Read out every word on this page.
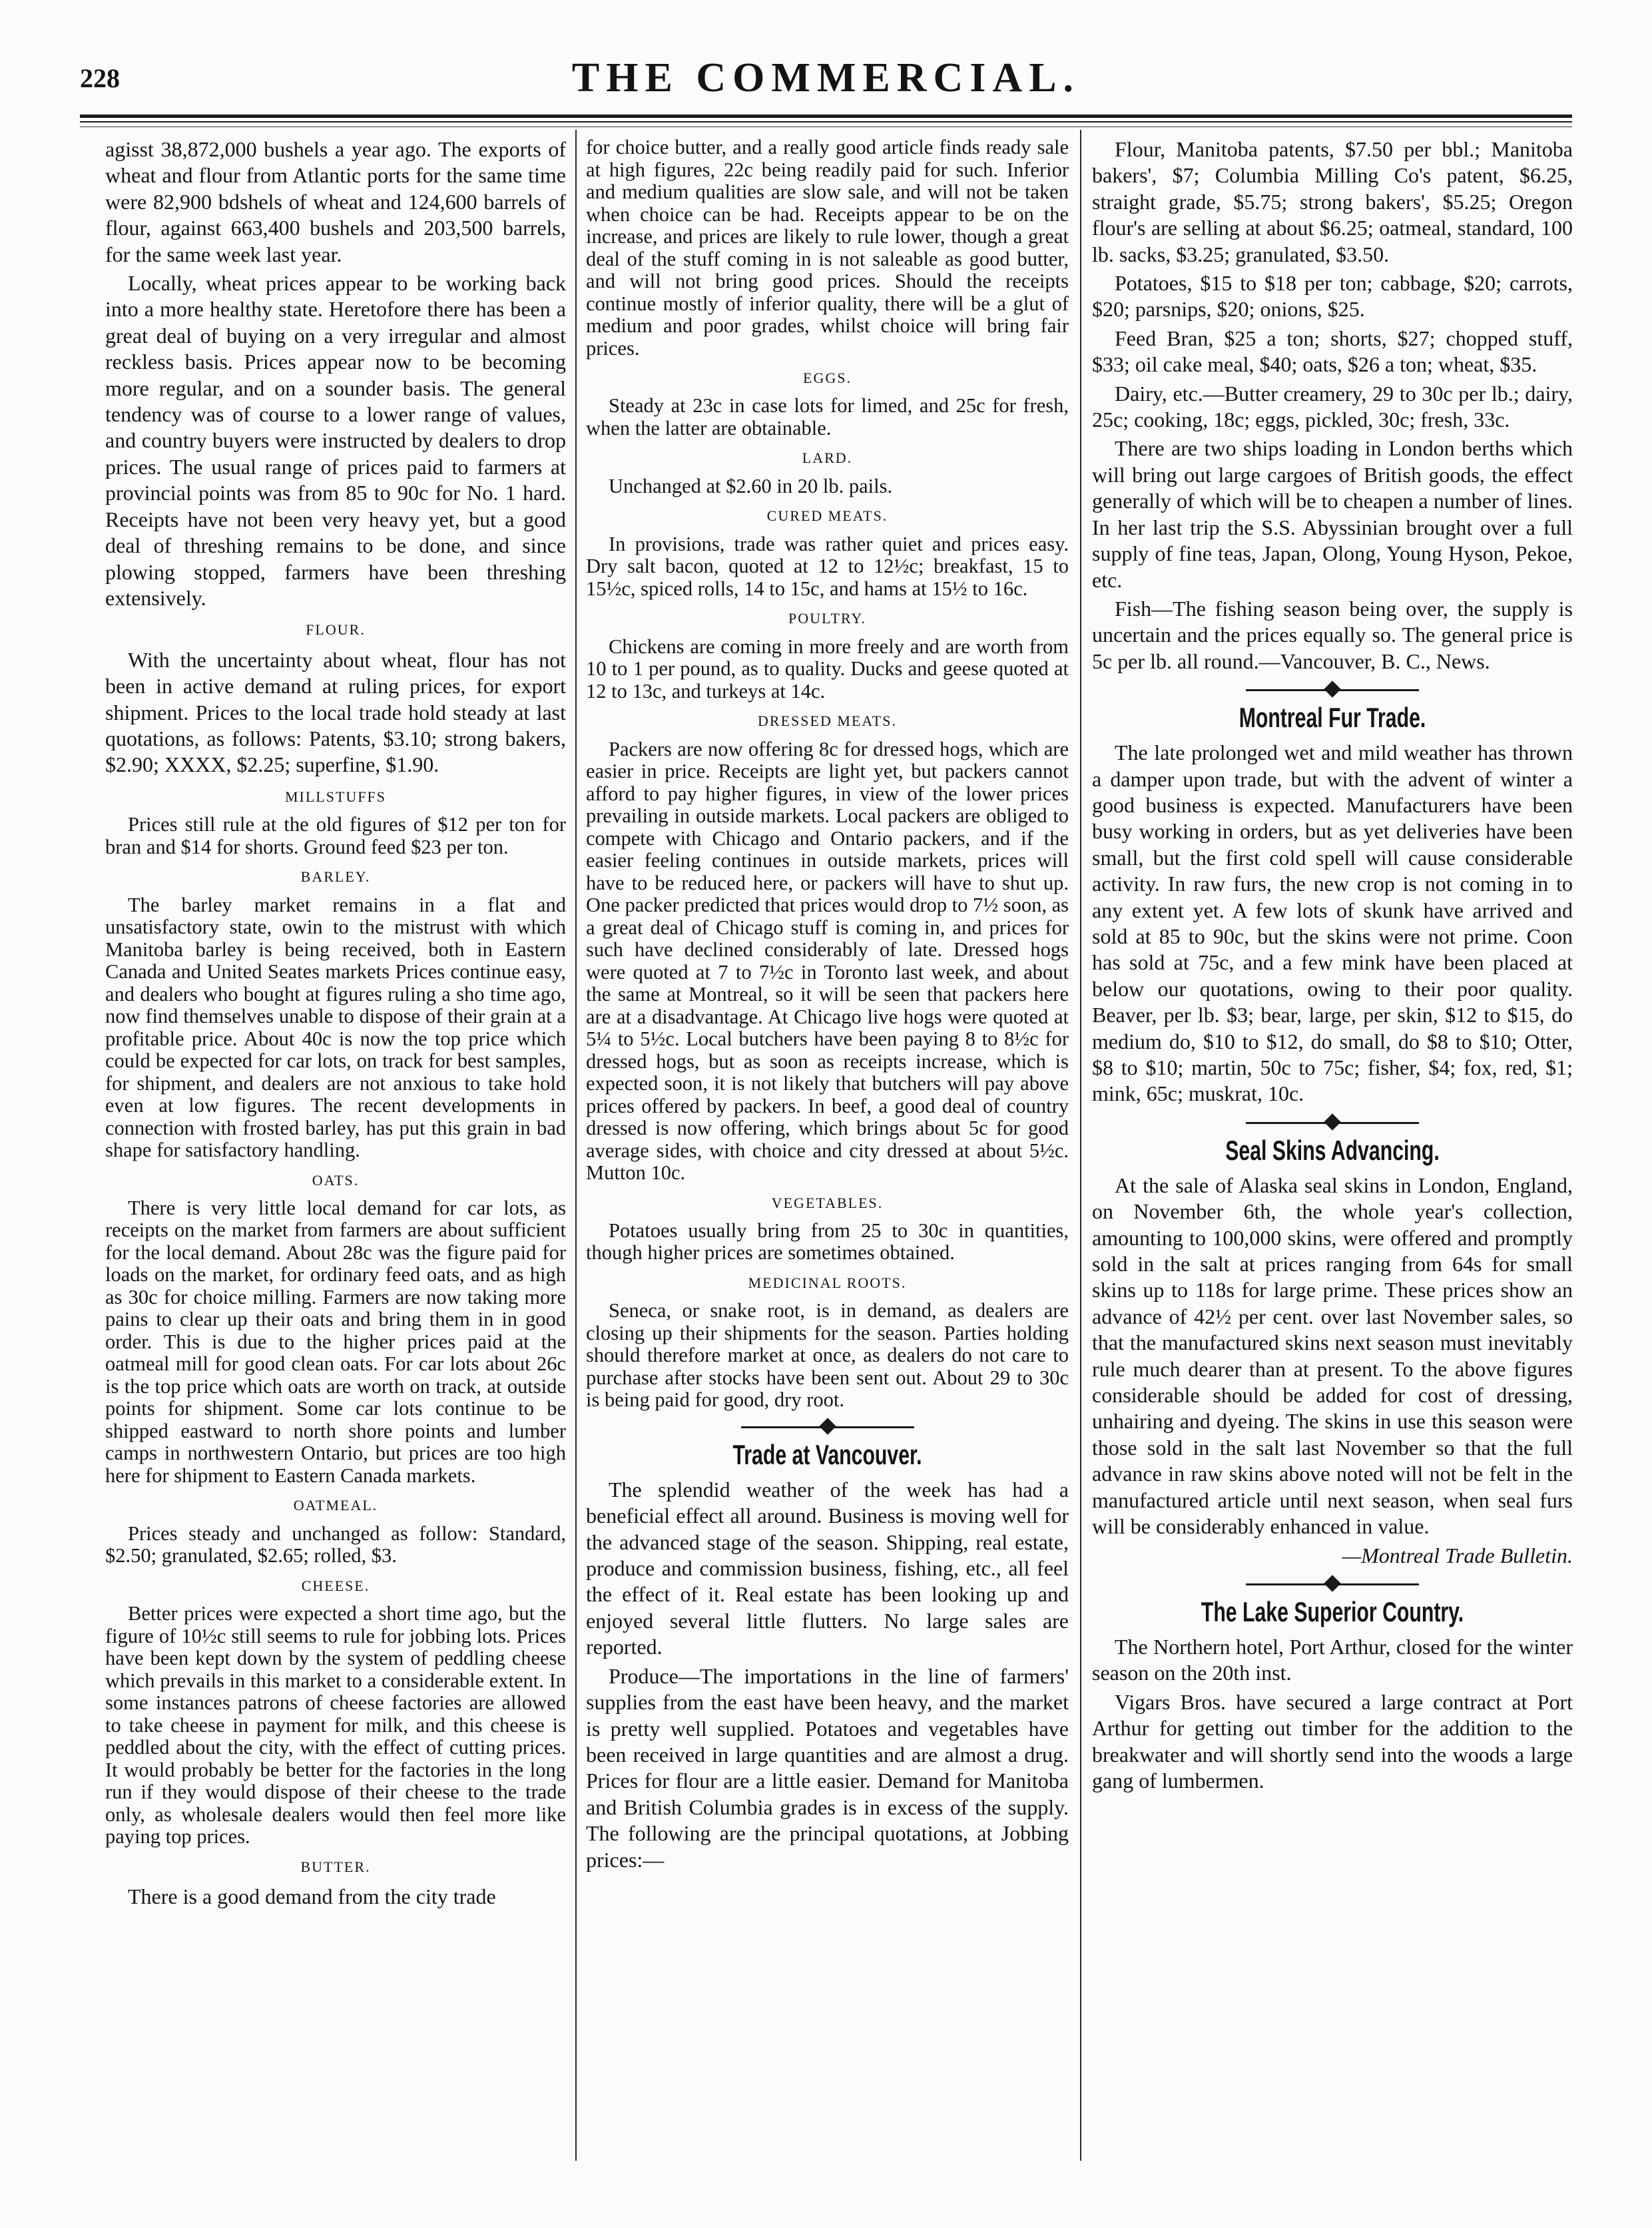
228	THE COMMERCIAL.

agisst 38,872,000 bushels a year ago. The exports of wheat and flour from Atlantic ports for the same time were 82,900 bdshels of wheat and 124,600 barrels of flour, against 663,400 bushels and 203,500 barrels, for the same week last year.

Locally, wheat prices appear to be working back into a more healthy state. Heretofore there has been a great deal of buying on a very irregular and almost reckless basis. Prices appear now to be becoming more regular, and on a sounder basis. The general tendency was of course to a lower range of values, and country buyers were instructed by dealers to drop prices. The usual range of prices paid to farmers at provincial points was from 85 to 90c for No. 1 hard. Receipts have not been very heavy yet, but a good deal of threshing remains to be done, and since plowing stopped, farmers have been threshing extensively.

FLOUR.

With the uncertainty about wheat, flour has not been in active demand at ruling prices, for export shipment. Prices to the local trade hold steady at last quotations, as follows: Patents, $3.10; strong bakers, $2.90; XXXX, $2.25; superfine, $1.90.

MILLSTUFFS

Prices still rule at the old figures of $12 per ton for bran and $14 for shorts. Ground feed $23 per ton.

BARLEY.

The barley market remains in a flat and unsatisfactory state, owin to the mistrust with which Manitoba barley is being received, both in Eastern Canada and United Seates markets Prices continue easy, and dealers who bought at figures ruling a sho time ago, now find themselves unable to dispose of their grain at a profitable price. About 40c is now the top price which could be expected for car lots, on track for best samples, for shipment, and dealers are not anxious to take hold even at low figures. The recent developments in connection with frosted barley, has put this grain in bad shape for satisfactory handling.

OATS.

There is very little local demand for car lots, as receipts on the market from farmers are about sufficient for the local demand. About 28c was the figure paid for loads on the market, for ordinary feed oats, and as high as 30c for choice milling. Farmers are now taking more pains to clear up their oats and bring them in in good order. This is due to the higher prices paid at the oatmeal mill for good clean oats. For car lots about 26c is the top price which oats are worth on track, at outside points for shipment. Some car lots continue to be shipped eastward to north shore points and lumber camps in northwestern Ontario, but prices are too high here for shipment to Eastern Canada markets.

OATMEAL.

Prices steady and unchanged as follow: Standard, $2.50; granulated, $2.65; rolled, $3.

CHEESE.

Better prices were expected a short time ago, but the figure of 10½c still seems to rule for jobbing lots. Prices have been kept down by the system of peddling cheese which prevails in this market to a considerable extent. In some instances patrons of cheese factories are allowed to take cheese in payment for milk, and this cheese is peddled about the city, with the effect of cutting prices. It would probably be better for the factories in the long run if they would dispose of their cheese to the trade only, as wholesale dealers would then feel more like paying top prices.

BUTTER.

There is a good demand from the city trade

for choice butter, and a really good article finds ready sale at high figures, 22c being readily paid for such. Inferior and medium qualities are slow sale, and will not be taken when choice can be had. Receipts appear to be on the increase, and prices are likely to rule lower, though a great deal of the stuff coming in is not saleable as good butter, and will not bring good prices. Should the receipts continue mostly of inferior quality, there will be a glut of medium and poor grades, whilst choice will bring fair prices.

EGGS.

Steady at 23c in case lots for limed, and 25c for fresh, when the latter are obtainable.

LARD.

Unchanged at $2.60 in 20 lb. pails.

CURED MEATS.

In provisions, trade was rather quiet and prices easy. Dry salt bacon, quoted at 12 to 12½c; breakfast, 15 to 15½c, spiced rolls, 14 to 15c, and hams at 15½ to 16c.

POULTRY.

Chickens are coming in more freely and are worth from 10 to 1 per pound, as to quality. Ducks and geese quoted at 12 to 13c, and turkeys at 14c.

DRESSED MEATS.

Packers are now offering 8c for dressed hogs, which are easier in price. Receipts are light yet, but packers cannot afford to pay higher figures, in view of the lower prices prevailing in outside markets. Local packers are obliged to compete with Chicago and Ontario packers, and if the easier feeling continues in outside markets, prices will have to be reduced here, or packers will have to shut up. One packer predicted that prices would drop to 7½ soon, as a great deal of Chicago stuff is coming in, and prices for such have declined considerably of late. Dressed hogs were quoted at 7 to 7½c in Toronto last week, and about the same at Montreal, so it will be seen that packers here are at a disadvantage. At Chicago live hogs were quoted at 5¼ to 5½c. Local butchers have been paying 8 to 8½c for dressed hogs, but as soon as receipts increase, which is expected soon, it is not likely that butchers will pay above prices offered by packers. In beef, a good deal of country dressed is now offering, which brings about 5c for good average sides, with choice and city dressed at about 5½c. Mutton 10c.

VEGETABLES.

Potatoes usually bring from 25 to 30c in quantities, though higher prices are sometimes obtained.

MEDICINAL ROOTS.

Seneca, or snake root, is in demand, as dealers are closing up their shipments for the season. Parties holding should therefore market at once, as dealers do not care to purchase after stocks have been sent out. About 29 to 30c is being paid for good, dry root.

Trade at Vancouver.

The splendid weather of the week has had a beneficial effect all around. Business is moving well for the advanced stage of the season. Shipping, real estate, produce and commission business, fishing, etc., all feel the effect of it. Real estate has been looking up and enjoyed several little flutters. No large sales are reported.

Produce—The importations in the line of farmers' supplies from the east have been heavy, and the market is pretty well supplied. Potatoes and vegetables have been received in large quantities and are almost a drug. Prices for flour are a little easier. Demand for Manitoba and British Columbia grades is in excess of the supply. The following are the principal quotations, at Jobbing prices:—

Flour, Manitoba patents, $7.50 per bbl.; Manitoba bakers', $7; Columbia Milling Co's patent, $6.25, straight grade, $5.75; strong bakers', $5.25; Oregon flour's are selling at about $6.25; oatmeal, standard, 100 lb. sacks, $3.25; granulated, $3.50.

Potatoes, $15 to $18 per ton; cabbage, $20; carrots, $20; parsnips, $20; onions, $25.

Feed Bran, $25 a ton; shorts, $27; chopped stuff, $33; oil cake meal, $40; oats, $26 a ton; wheat, $35.

Dairy, etc.—Butter creamery, 29 to 30c per lb.; dairy, 25c; cooking, 18c; eggs, pickled, 30c; fresh, 33c.

There are two ships loading in London berths which will bring out large cargoes of British goods, the effect generally of which will be to cheapen a number of lines. In her last trip the S.S. Abyssinian brought over a full supply of fine teas, Japan, Olong, Young Hyson, Pekoe, etc.

Fish—The fishing season being over, the supply is uncertain and the prices equally so. The general price is 5c per lb. all round.—Vancouver, B. C., News.

Montreal Fur Trade.

The late prolonged wet and mild weather has thrown a damper upon trade, but with the advent of winter a good business is expected. Manufacturers have been busy working in orders, but as yet deliveries have been small, but the first cold spell will cause considerable activity. In raw furs, the new crop is not coming in to any extent yet. A few lots of skunk have arrived and sold at 85 to 90c, but the skins were not prime. Coon has sold at 75c, and a few mink have been placed at below our quotations, owing to their poor quality. Beaver, per lb. $3; bear, large, per skin, $12 to $15, do medium do, $10 to $12, do small, do $8 to $10; Otter, $8 to $10; martin, 50c to 75c; fisher, $4; fox, red, $1; mink, 65c; muskrat, 10c.

Seal Skins Advancing.

At the sale of Alaska seal skins in London, England, on November 6th, the whole year's collection, amounting to 100,000 skins, were offered and promptly sold in the salt at prices ranging from 64s for small skins up to 118s for large prime. These prices show an advance of 42½ per cent. over last November sales, so that the manufactured skins next season must inevitably rule much dearer than at present. To the above figures considerable should be added for cost of dressing, unhairing and dyeing. The skins in use this season were those sold in the salt last November so that the full advance in raw skins above noted will not be felt in the manufactured article until next season, when seal furs will be considerably enhanced in value.

—Montreal Trade Bulletin.

The Lake Superior Country.

The Northern hotel, Port Arthur, closed for the winter season on the 20th inst.

Vigars Bros. have secured a large contract at Port Arthur for getting out timber for the addition to the breakwater and will shortly send into the woods a large gang of lumbermen.
